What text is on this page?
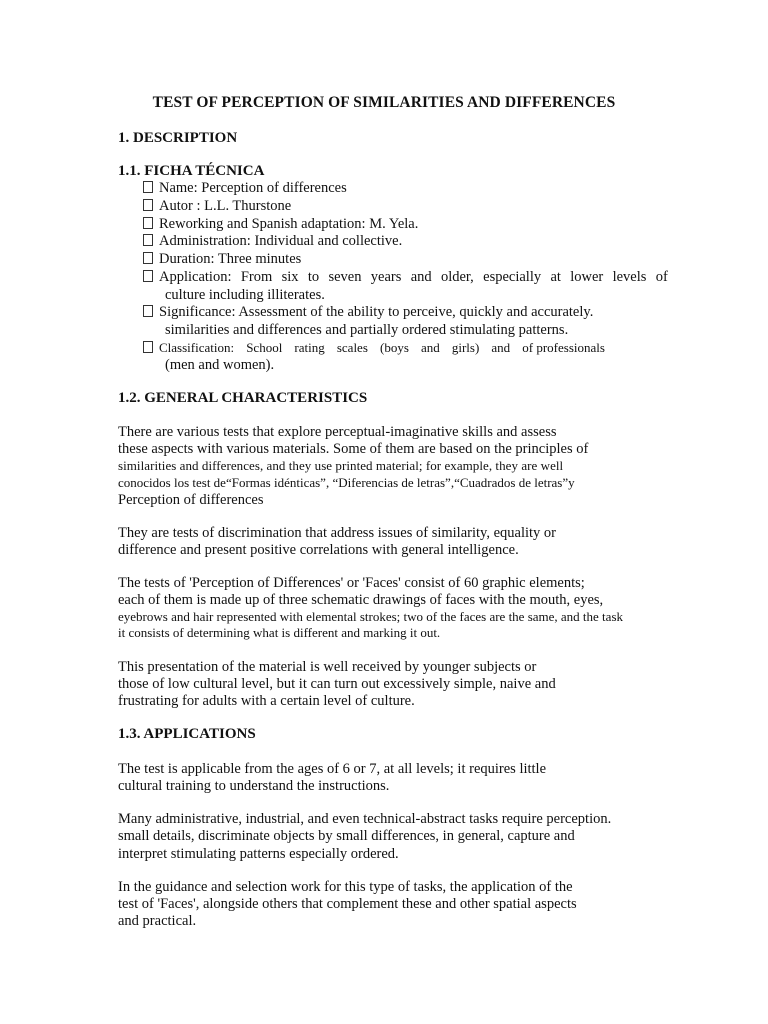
TEST OF PERCEPTION OF SIMILARITIES AND DIFFERENCES
1. DESCRIPTION
1.1. FICHA TÉCNICA
Name: Perception of differences
Autor : L.L. Thurstone
Reworking and Spanish adaptation: M. Yela.
Administration: Individual and collective.
Duration: Three minutes
Application: From six to seven years and older, especially at lower levels of
culture including illiterates.
Significance: Assessment of the ability to perceive, quickly and accurately.
similarities and differences and partially ordered stimulating patterns.
Classification: School rating scales (boys and girls) and of professionals
(men and women).
1.2. GENERAL CHARACTERISTICS
There are various tests that explore perceptual-imaginative skills and assess
these aspects with various materials. Some of them are based on the principles of
similarities and differences, and they use printed material; for example, they are well
conocidos los test de“Formas idénticas”, “Diferencias de letras”,“Cuadrados de letras”y
Perception of differences
They are tests of discrimination that address issues of similarity, equality or
difference and present positive correlations with general intelligence.
The tests of 'Perception of Differences' or 'Faces' consist of 60 graphic elements;
each of them is made up of three schematic drawings of faces with the mouth, eyes,
eyebrows and hair represented with elemental strokes; two of the faces are the same, and the task
it consists of determining what is different and marking it out.
This presentation of the material is well received by younger subjects or
those of low cultural level, but it can turn out excessively simple, naive and
frustrating for adults with a certain level of culture.
1.3. APPLICATIONS
The test is applicable from the ages of 6 or 7, at all levels; it requires little
cultural training to understand the instructions.
Many administrative, industrial, and even technical-abstract tasks require perception.
small details, discriminate objects by small differences, in general, capture and
interpret stimulating patterns especially ordered.
In the guidance and selection work for this type of tasks, the application of the
test of 'Faces', alongside others that complement these and other spatial aspects
and practical.
